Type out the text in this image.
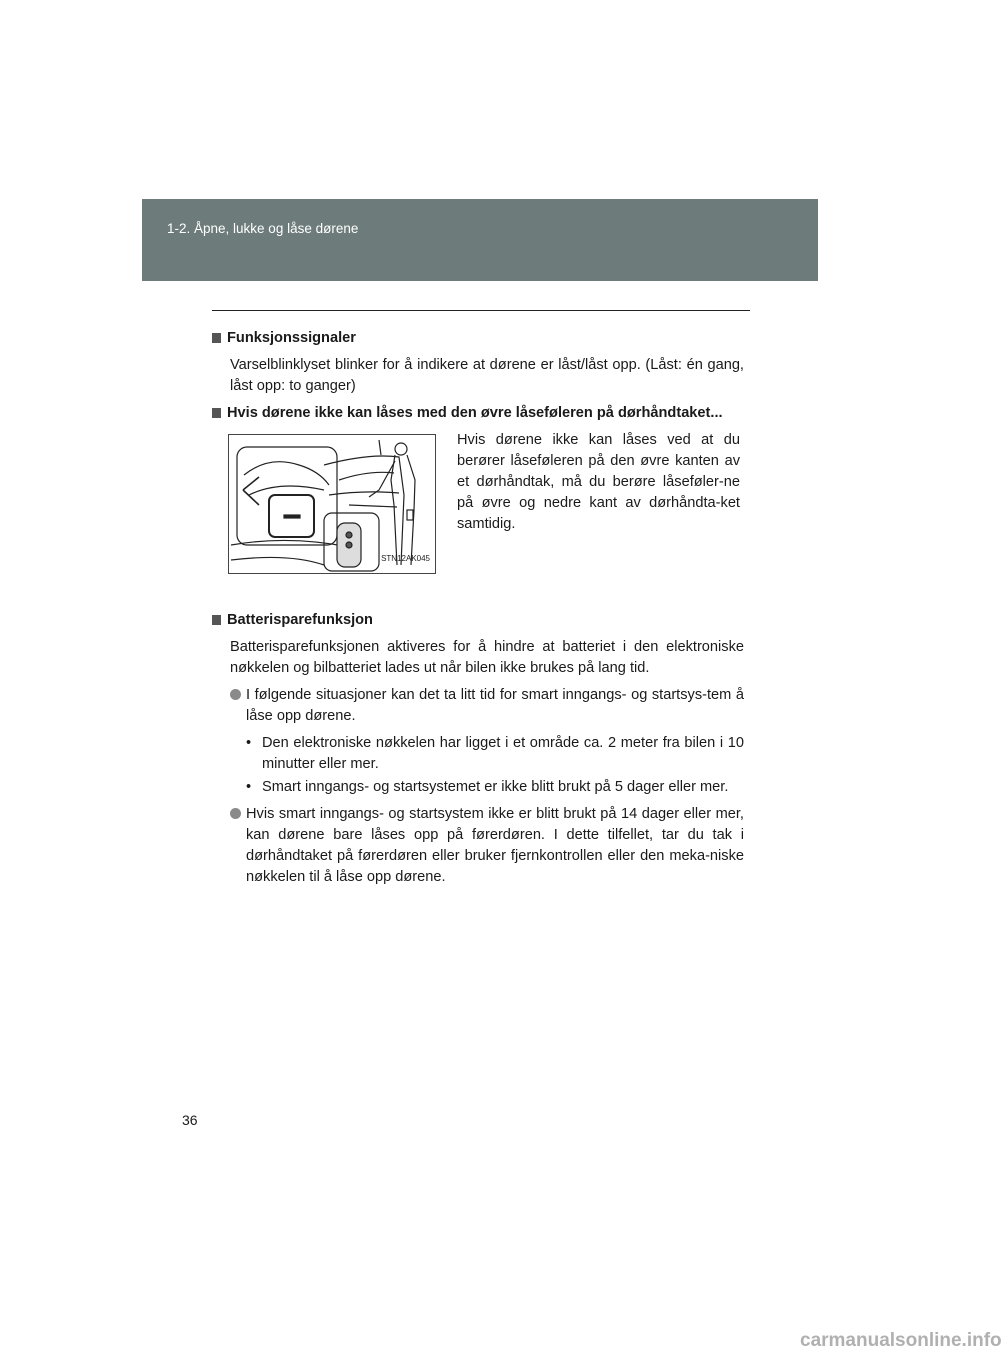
1-2. Åpne, lukke og låse dørene

Funksjonssignaler

Varselblinklyset blinker for å indikere at dørene er låst/låst opp. (Låst: én gang, låst opp: to ganger)

Hvis dørene ikke kan låses med den øvre låseføleren på dørhåndtaket...

STN12AK045
Hvis dørene ikke kan låses ved at du berører låseføleren på den øvre kanten av et dørhåndtak, må du berøre låseføler-ne på øvre og nedre kant av dørhåndta-ket samtidig.

Batterisparefunksjon

Batterisparefunksjonen aktiveres for å hindre at batteriet i den elektroniske nøkkelen og bilbatteriet lades ut når bilen ikke brukes på lang tid.

I følgende situasjoner kan det ta litt tid for smart inngangs- og startsys-tem å låse opp dørene.
• Den elektroniske nøkkelen har ligget i et område ca. 2 meter fra bilen i 10 minutter eller mer.
• Smart inngangs- og startsystemet er ikke blitt brukt på 5 dager eller mer.
Hvis smart inngangs- og startsystem ikke er blitt brukt på 14 dager eller mer, kan dørene bare låses opp på førerdøren. I dette tilfellet, tar du tak i dørhåndtaket på førerdøren eller bruker fjernkontrollen eller den meka-niske nøkkelen til å låse opp dørene.
36
carmanualsonline.info
